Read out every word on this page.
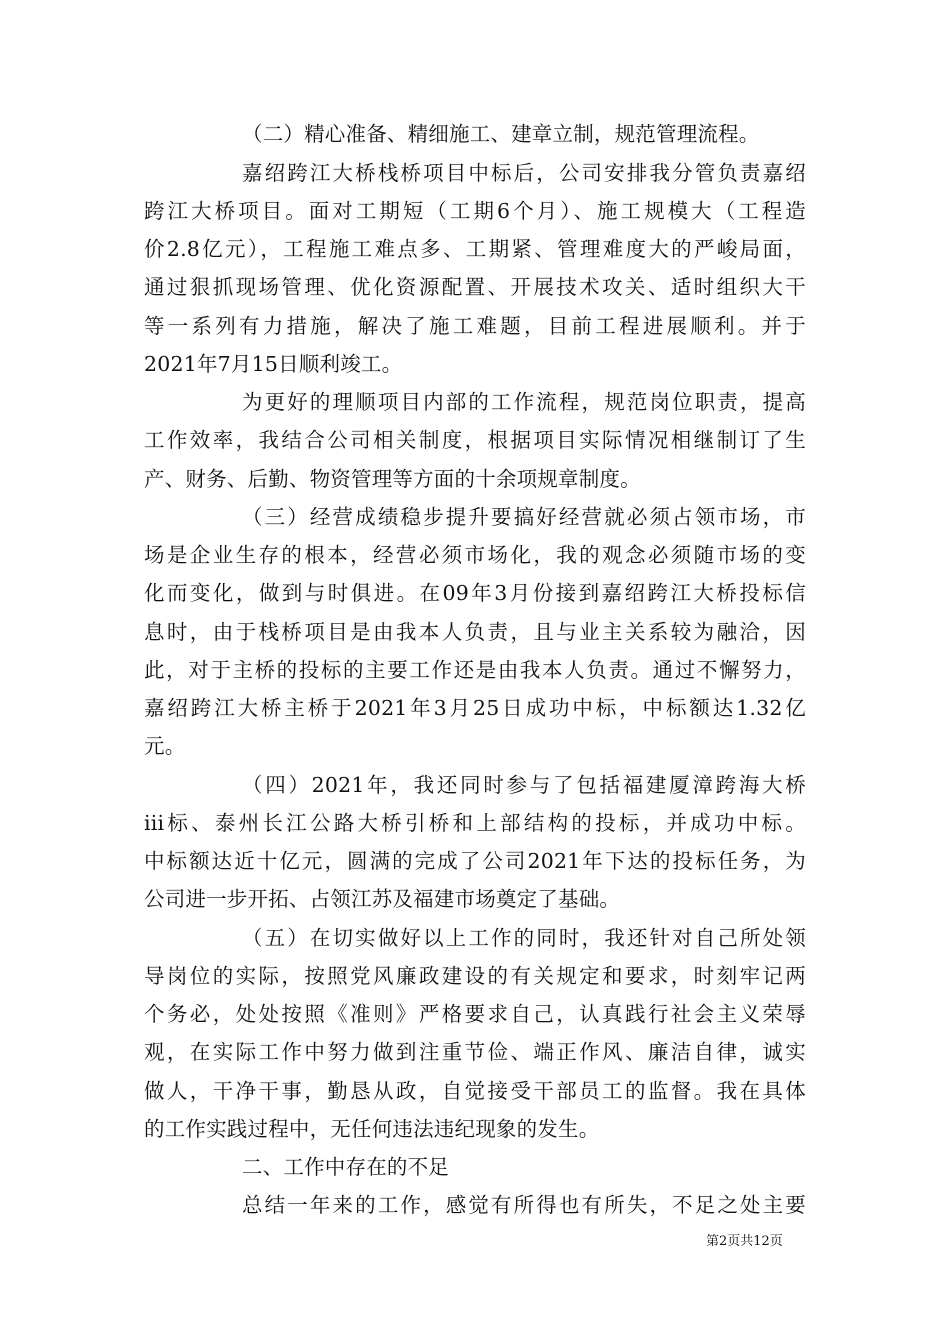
（二）精心准备、精细施工、建章立制，规范管理流程。
嘉绍跨江大桥栈桥项目中标后，公司安排我分管负责嘉绍
跨江大桥项目。面对工期短（工期6个月）、施工规模大（工程造
价2.8亿元），工程施工难点多、工期紧、管理难度大的严峻局面，
通过狠抓现场管理、优化资源配置、开展技术攻关、适时组织大干
等一系列有力措施，解决了施工难题，目前工程进展顺利。并于
2021年7月15日顺利竣工。
为更好的理顺项目内部的工作流程，规范岗位职责，提高
工作效率，我结合公司相关制度，根据项目实际情况相继制订了生
产、财务、后勤、物资管理等方面的十余项规章制度。
（三）经营成绩稳步提升要搞好经营就必须占领市场，市
场是企业生存的根本，经营必须市场化，我的观念必须随市场的变
化而变化，做到与时俱进。在09年3月份接到嘉绍跨江大桥投标信
息时，由于栈桥项目是由我本人负责，且与业主关系较为融洽，因
此，对于主桥的投标的主要工作还是由我本人负责。通过不懈努力，
嘉绍跨江大桥主桥于2021年3月25日成功中标，中标额达1.32亿
元。
（四）2021年，我还同时参与了包括福建厦漳跨海大桥
iii标、泰州长江公路大桥引桥和上部结构的投标，并成功中标。
中标额达近十亿元，圆满的完成了公司2021年下达的投标任务，为
公司进一步开拓、占领江苏及福建市场奠定了基础。
（五）在切实做好以上工作的同时，我还针对自己所处领
导岗位的实际，按照党风廉政建设的有关规定和要求，时刻牢记两
个务必，处处按照《准则》严格要求自己，认真践行社会主义荣辱
观，在实际工作中努力做到注重节俭、端正作风、廉洁自律，诚实
做人，干净干事，勤恳从政，自觉接受干部员工的监督。我在具体
的工作实践过程中，无任何违法违纪现象的发生。
二、工作中存在的不足
总结一年来的工作，感觉有所得也有所失，不足之处主要
第2页共12页
